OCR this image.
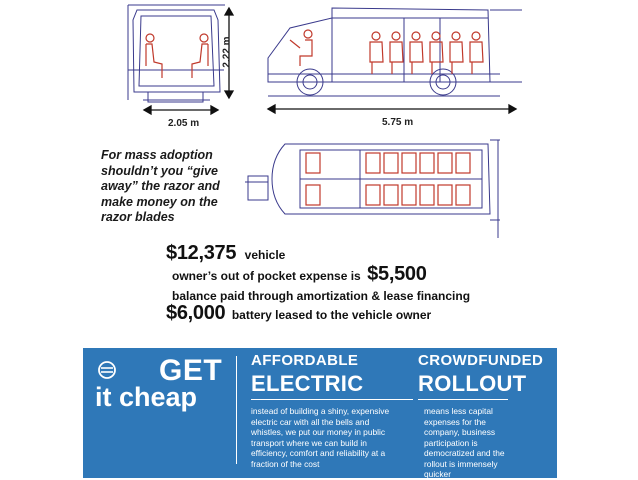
2.22 m
2.05 m	5.75 m
For mass adoption shouldn’t you “give away” the razor and make money on the razor blades
$12,375 vehicle
owner’s out of pocket expense is $5,500
balance paid through amortization & lease financing
$6,000 battery leased to the vehicle owner
GET
it cheap
AFFORDABLE
ELECTRIC
instead of building a shiny, expensive electric car with all the bells and whistles, we put our money in public transport where we can build in efficiency, comfort and reliability at a fraction of the cost
CROWDFUNDED
ROLLOUT
means less capital expenses for the company, business participation is democratized and the rollout is immensely quicker
